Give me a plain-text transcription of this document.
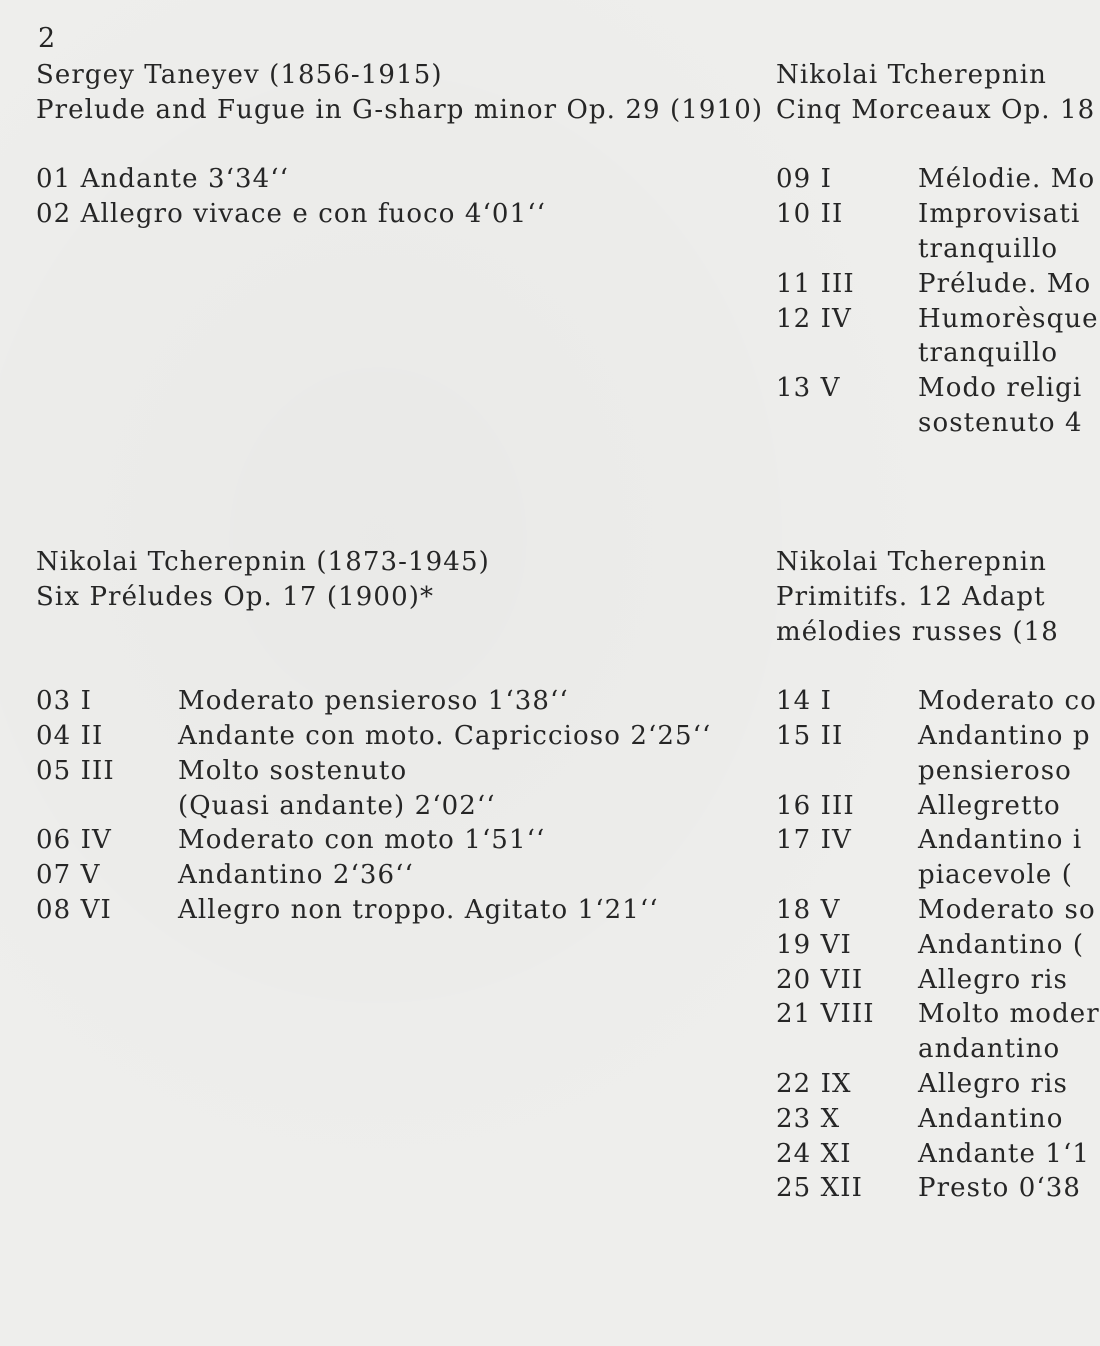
2
Sergey Taneyev (1856-1915)
Prelude and Fugue in G-sharp minor Op. 29 (1910)
01 Andante 3‘34‘‘
02 Allegro vivace e con fuoco 4‘01‘‘
Nikolai Tcherepnin (1873-1945)
Six Préludes Op. 17 (1900)*
03 I	Moderato pensieroso 1‘38‘‘
04 II	Andante con moto. Capriccioso 2‘25‘‘
05 III	Molto sostenuto
(Quasi andante) 2‘02‘‘
06 IV	Moderato con moto 1‘51‘‘
07 V	Andantino 2‘36‘‘
08 VI	Allegro non troppo. Agitato 1‘21‘‘
Nikolai Tcherepnin
Cinq Morceaux Op. 18
09 I	Mélodie. Mo
10 II	Improvisati
tranquillo
11 III	Prélude. Mo
12 IV	Humorèsque
tranquillo
13 V	Modo religi
sostenuto 4
Nikolai Tcherepnin
Primitifs. 12 Adapt
mélodies russes (18
14 I	Moderato co
15 II	Andantino p
pensieroso
16 III	Allegretto
17 IV	Andantino i
piacevole (
18 V	Moderato so
19 VI	Andantino (
20 VII	Allegro ris
21 VIII	Molto moder
andantino
22 IX	Allegro ris
23 X	Andantino
24 XI	Andante 1‘1
25 XII	Presto 0‘38
